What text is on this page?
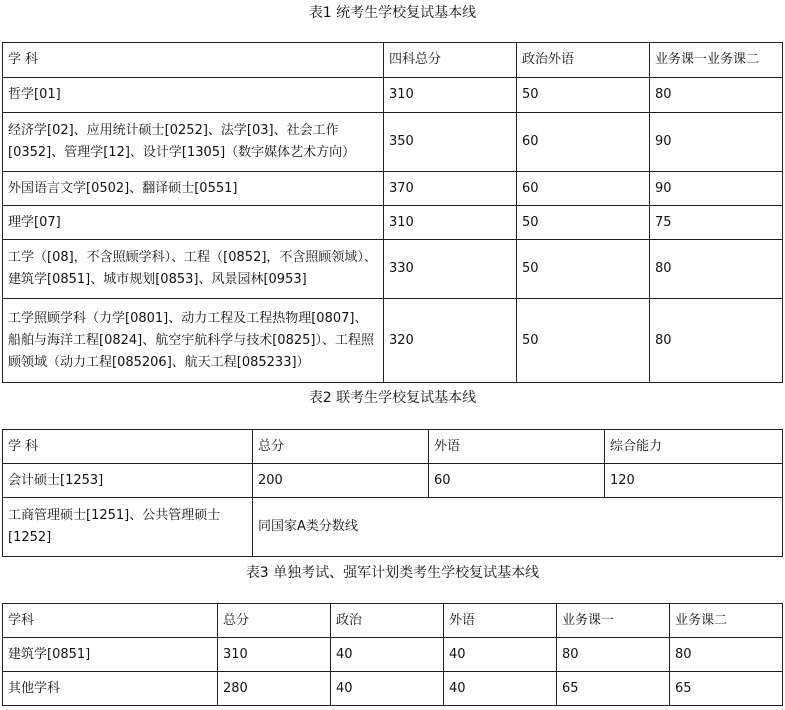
表1 统考生学校复试基本线
学 科	四科总分	政治外语	业务课一业务课二
哲学[01]	310	50	80
经济学[02]、应用统计硕士[0252]、法学[03]、社会工作[0352]、管理学[12]、设计学[1305]（数字媒体艺术方向）	350	60	90
外国语言文学[0502]、翻译硕士[0551]	370	60	90
理学[07]	310	50	75
工学（[08]，不含照顾学科）、工程（[0852]，不含照顾领域）、建筑学[0851]、城市规划[0853]、风景园林[0953]	330	50	80
工学照顾学科（力学[0801]、动力工程及工程热物理[0807]、船舶与海洋工程[0824]、航空宇航科学与技术[0825]）、工程照顾领域（动力工程[085206]、航天工程[085233]）	320	50	80
表2 联考生学校复试基本线
学 科	总分	外语	综合能力
会计硕士[1253]	200	60	120
工商管理硕士[1251]、公共管理硕士[1252]	同国家A类分数线		
表3 单独考试、强军计划类考生学校复试基本线
学科	总分	政治	外语	业务课一	业务课二
建筑学[0851]	310	40	40	80	80
其他学科	280	40	40	65	65
